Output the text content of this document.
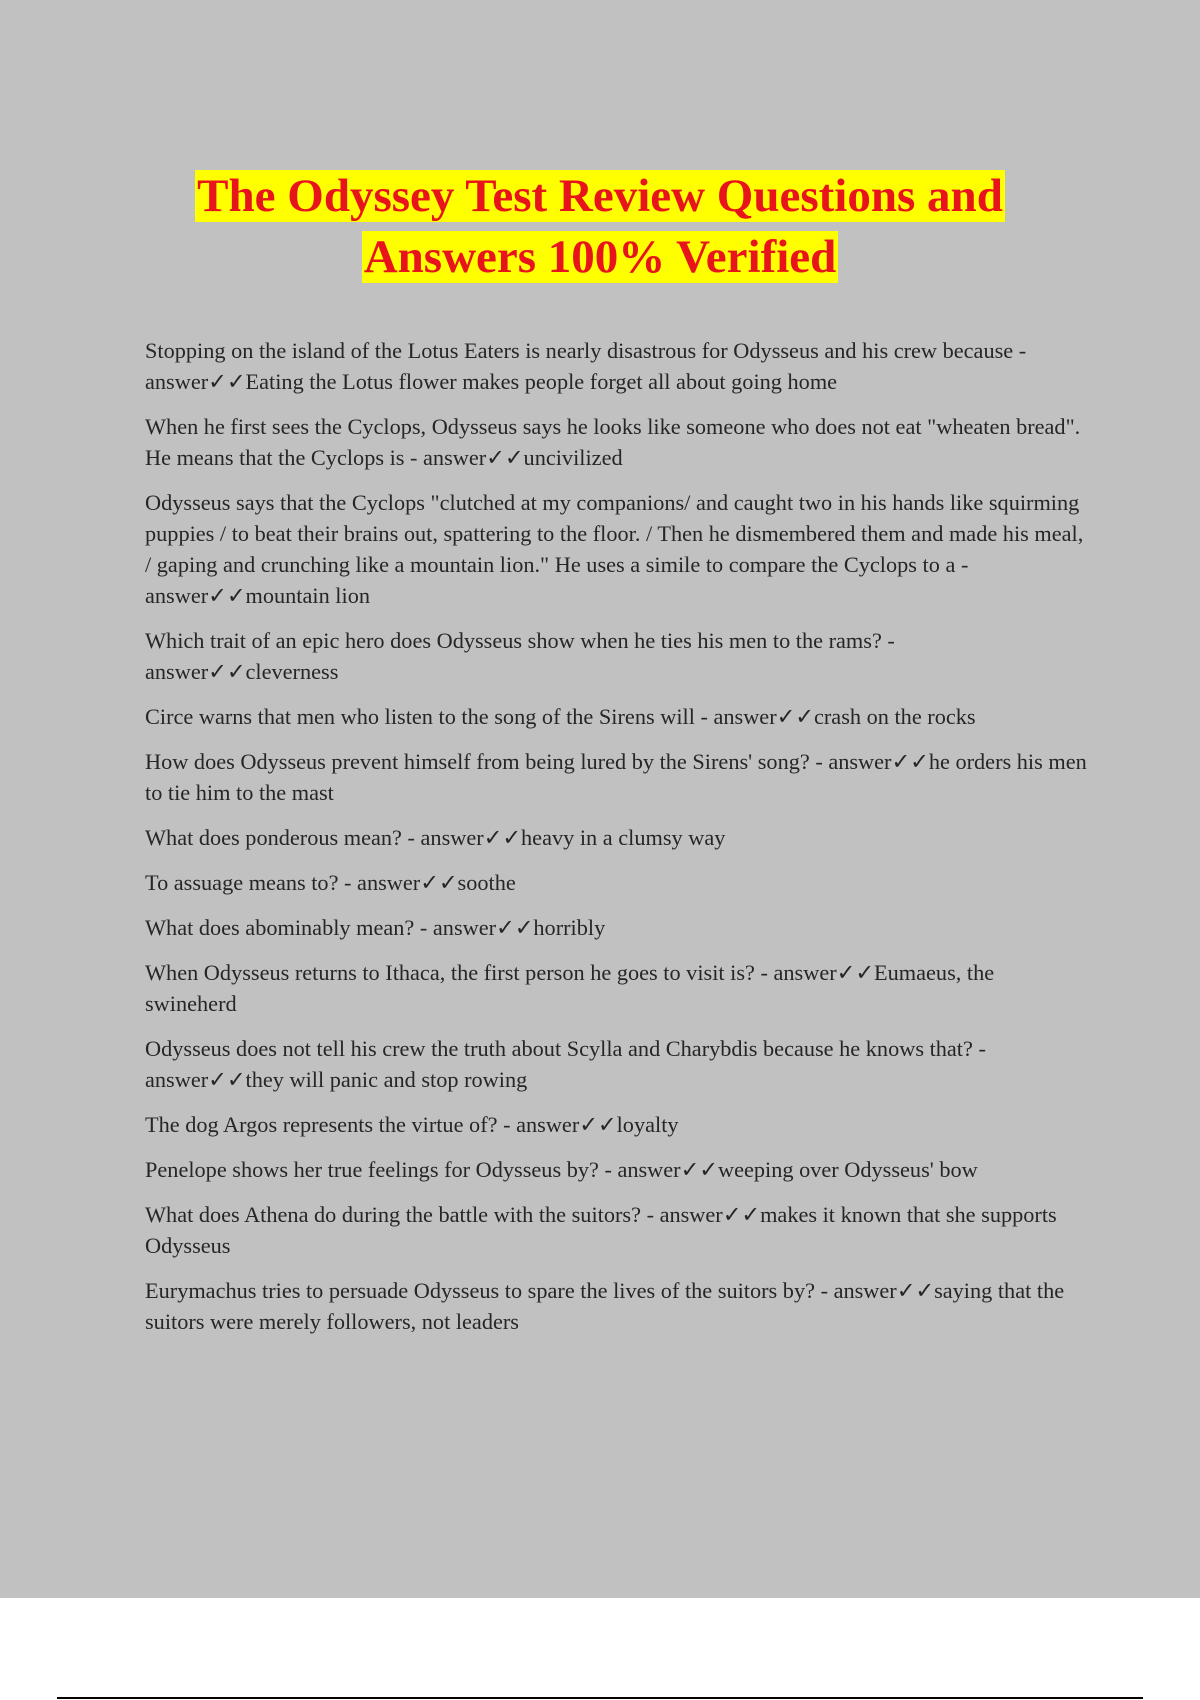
The Odyssey Test Review Questions and
Answers 100% Verified
Stopping on the island of the Lotus Eaters is nearly disastrous for Odysseus and his crew because - answer✓✓Eating the Lotus flower makes people forget all about going home
When he first sees the Cyclops, Odysseus says he looks like someone who does not eat "wheaten bread". He means that the Cyclops is - answer✓✓uncivilized
Odysseus says that the Cyclops "clutched at my companions/ and caught two in his hands like squirming puppies / to beat their brains out, spattering to the floor. / Then he dismembered them and made his meal, / gaping and crunching like a mountain lion." He uses a simile to compare the Cyclops to a - answer✓✓mountain lion
Which trait of an epic hero does Odysseus show when he ties his men to the rams? - answer✓✓cleverness
Circe warns that men who listen to the song of the Sirens will - answer✓✓crash on the rocks
How does Odysseus prevent himself from being lured by the Sirens' song? - answer✓✓he orders his men to tie him to the mast
What does ponderous mean? - answer✓✓heavy in a clumsy way
To assuage means to? - answer✓✓soothe
What does abominably mean? - answer✓✓horribly
When Odysseus returns to Ithaca, the first person he goes to visit is? - answer✓✓Eumaeus, the swineherd
Odysseus does not tell his crew the truth about Scylla and Charybdis because he knows that? - answer✓✓they will panic and stop rowing
The dog Argos represents the virtue of? - answer✓✓loyalty
Penelope shows her true feelings for Odysseus by? - answer✓✓weeping over Odysseus' bow
What does Athena do during the battle with the suitors? - answer✓✓makes it known that she supports Odysseus
Eurymachus tries to persuade Odysseus to spare the lives of the suitors by? - answer✓✓saying that the suitors were merely followers, not leaders
